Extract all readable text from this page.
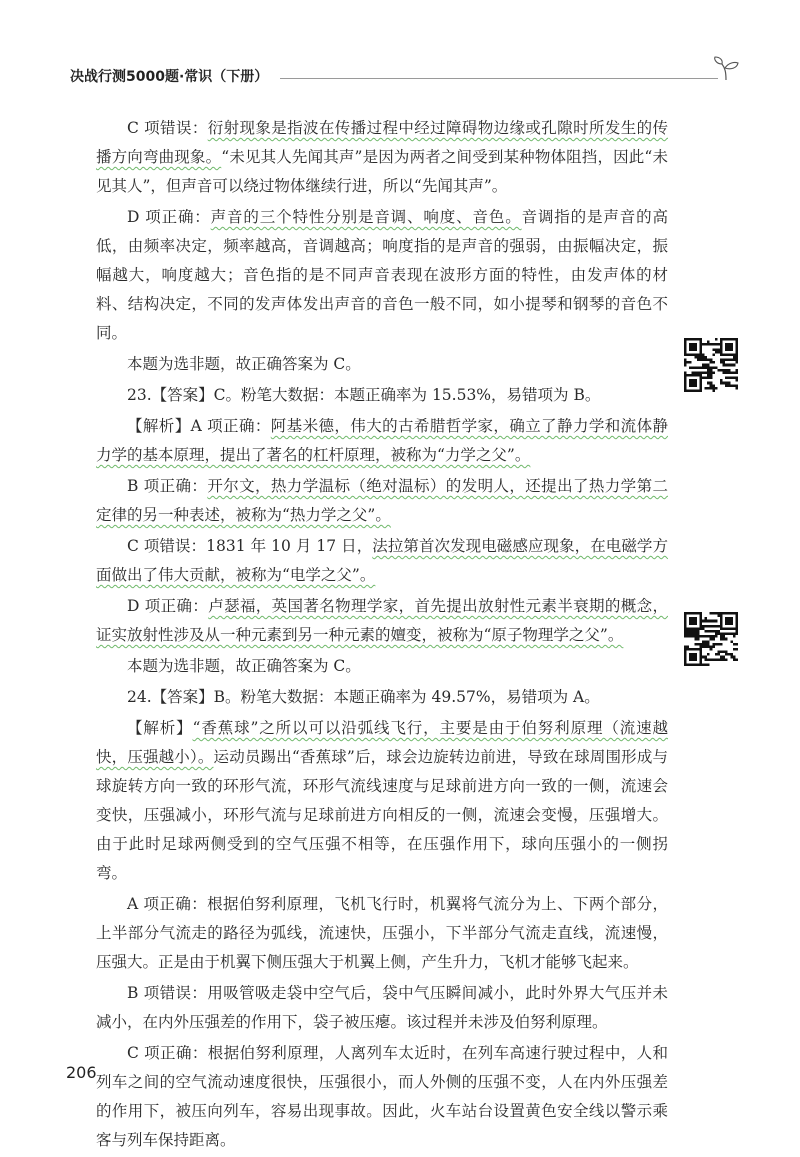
决战行测5000题·常识（下册）

C 项错误：衍射现象是指波在传播过程中经过障碍物边缘或孔隙时所发生的传播方向弯曲现象。“未见其人先闻其声”是因为两者之间受到某种物体阻挡，因此“未见其人”，但声音可以绕过物体继续行进，所以“先闻其声”。

D 项正确：声音的三个特性分别是音调、响度、音色。音调指的是声音的高低，由频率决定，频率越高，音调越高；响度指的是声音的强弱，由振幅决定，振幅越大，响度越大；音色指的是不同声音表现在波形方面的特性，由发声体的材料、结构决定，不同的发声体发出声音的音色一般不同，如小提琴和钢琴的音色不同。

本题为选非题，故正确答案为 C。

23.【答案】C。粉笔大数据：本题正确率为 15.53%，易错项为 B。

【解析】A 项正确：阿基米德，伟大的古希腊哲学家，确立了静力学和流体静力学的基本原理，提出了著名的杠杆原理，被称为“力学之父”。

B 项正确：开尔文，热力学温标（绝对温标）的发明人，还提出了热力学第二定律的另一种表述，被称为“热力学之父”。

C 项错误：1831 年 10 月 17 日，法拉第首次发现电磁感应现象，在电磁学方面做出了伟大贡献，被称为“电学之父”。

D 项正确：卢瑟福，英国著名物理学家，首先提出放射性元素半衰期的概念，证实放射性涉及从一种元素到另一种元素的嬗变，被称为“原子物理学之父”。

本题为选非题，故正确答案为 C。

24.【答案】B。粉笔大数据：本题正确率为 49.57%，易错项为 A。

【解析】“香蕉球”之所以可以沿弧线飞行，主要是由于伯努利原理（流速越快，压强越小）。运动员踢出“香蕉球”后，球会边旋转边前进，导致在球周围形成与球旋转方向一致的环形气流，环形气流线速度与足球前进方向一致的一侧，流速会变快，压强减小，环形气流与足球前进方向相反的一侧，流速会变慢，压强增大。由于此时足球两侧受到的空气压强不相等，在压强作用下，球向压强小的一侧拐弯。

A 项正确：根据伯努利原理，飞机飞行时，机翼将气流分为上、下两个部分，上半部分气流走的路径为弧线，流速快，压强小，下半部分气流走直线，流速慢，压强大。正是由于机翼下侧压强大于机翼上侧，产生升力，飞机才能够飞起来。

B 项错误：用吸管吸走袋中空气后，袋中气压瞬间减小，此时外界大气压并未减小，在内外压强差的作用下，袋子被压瘪。该过程并未涉及伯努利原理。

C 项正确：根据伯努利原理，人离列车太近时，在列车高速行驶过程中，人和列车之间的空气流动速度很快，压强很小，而人外侧的压强不变，人在内外压强差的作用下，被压向列车，容易出现事故。因此，火车站台设置黄色安全线以警示乘客与列车保持距离。

206
